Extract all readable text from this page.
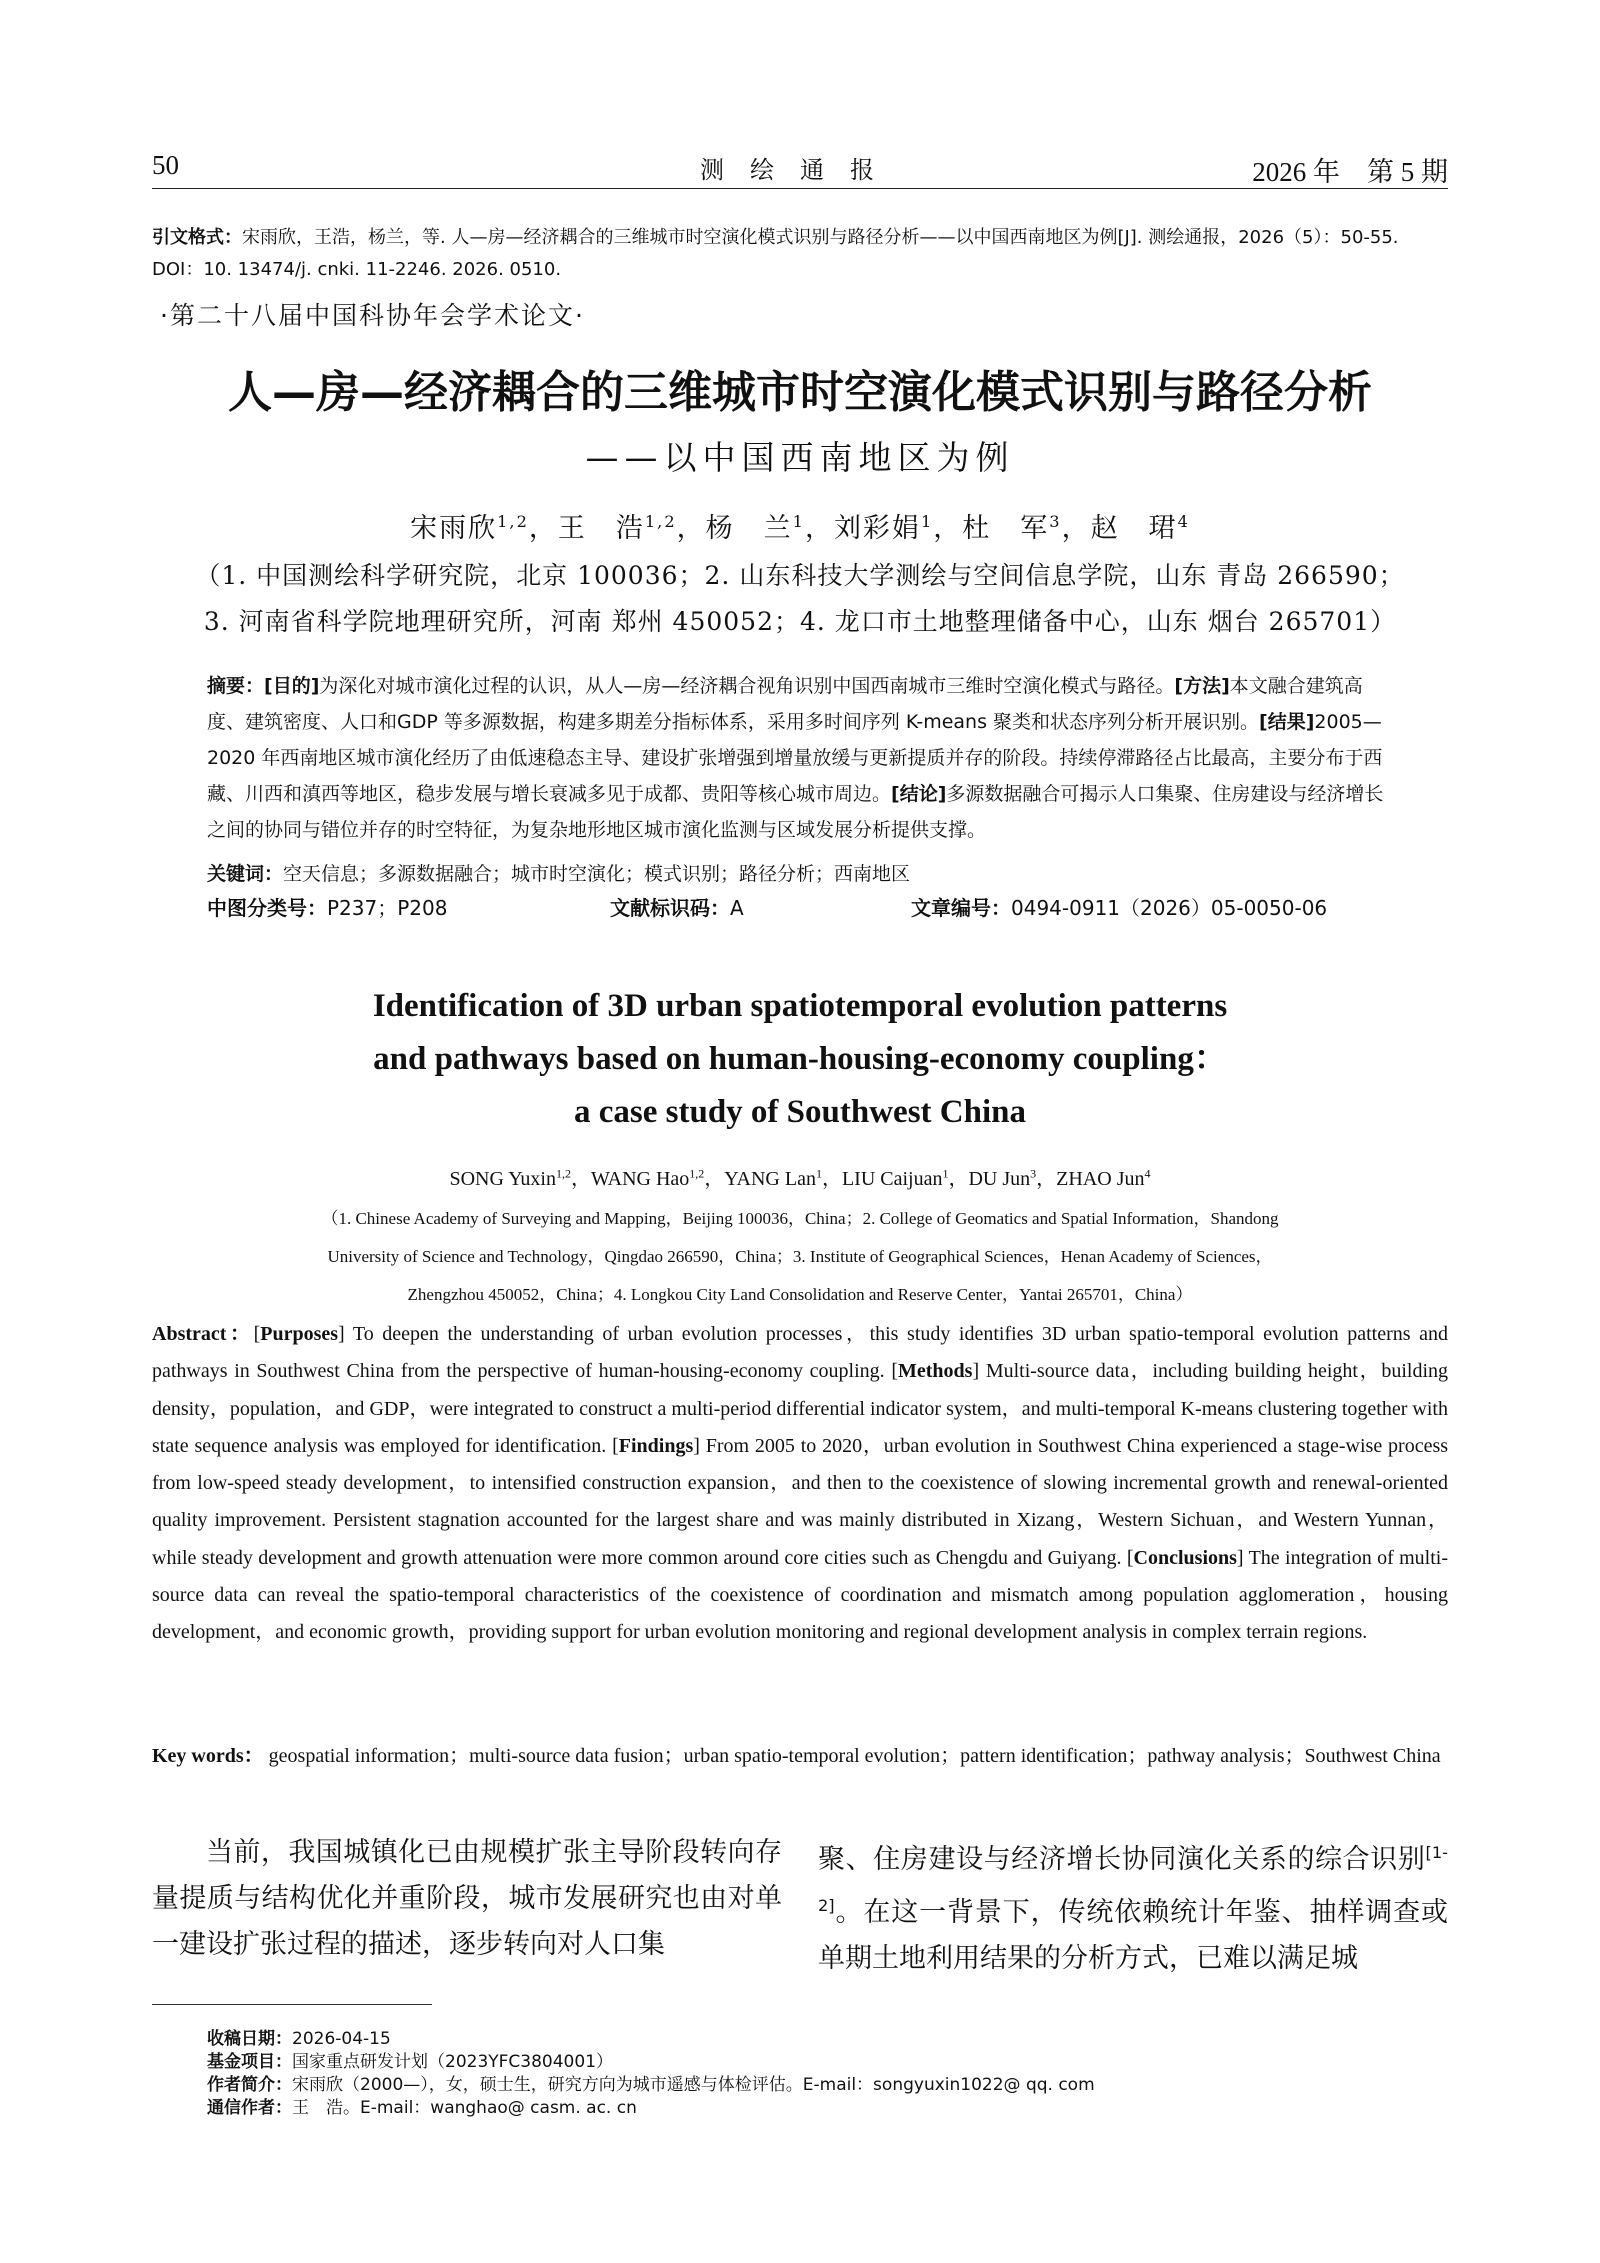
50	测绘通报	2026 年　第 5 期
引文格式：宋雨欣，王浩，杨兰，等. 人—房—经济耦合的三维城市时空演化模式识别与路径分析——以中国西南地区为例[J]. 测绘通报，2026（5）：50-55. DOI：10. 13474/j. cnki. 11-2246. 2026. 0510.
·第二十八届中国科协年会学术论文·
人—房—经济耦合的三维城市时空演化模式识别与路径分析
——以中国西南地区为例
宋雨欣$^{1,2}$，王　浩$^{1,2}$，杨　兰$^1$，刘彩娟$^1$，杜　军$^3$，赵　珺$^4$
（1. 中国测绘科学研究院，北京 100036；2. 山东科技大学测绘与空间信息学院，山东 青岛 266590；
3. 河南省科学院地理研究所，河南 郑州 450052；4. 龙口市土地整理储备中心，山东 烟台 265701）
摘要：[目的]为深化对城市演化过程的认识，从人—房—经济耦合视角识别中国西南城市三维时空演化模式与路径。[方法]本文融合建筑高度、建筑密度、人口和GDP 等多源数据，构建多期差分指标体系，采用多时间序列 K-means 聚类和状态序列分析开展识别。[结果]2005—2020 年西南地区城市演化经历了由低速稳态主导、建设扩张增强到增量放缓与更新提质并存的阶段。持续停滞路径占比最高，主要分布于西藏、川西和滇西等地区，稳步发展与增长衰减多见于成都、贵阳等核心城市周边。[结论]多源数据融合可揭示人口集聚、住房建设与经济增长之间的协同与错位并存的时空特征，为复杂地形地区城市演化监测与区域发展分析提供支撑。
关键词：空天信息；多源数据融合；城市时空演化；模式识别；路径分析；西南地区
中图分类号：P237；P208	文献标识码：A	文章编号：0494-0911（2026）05-0050-06
Identification of 3D urban spatiotemporal evolution patterns
and pathways based on human-housing-economy coupling：
a case study of Southwest China
SONG Yuxin$^{1,2}$，WANG Hao$^{1,2}$，YANG Lan$^1$，LIU Caijuan$^1$，DU Jun$^3$，ZHAO Jun$^4$
（1. Chinese Academy of Surveying and Mapping，Beijing 100036，China；2. College of Geomatics and Spatial Information，Shandong
University of Science and Technology，Qingdao 266590，China；3. Institute of Geographical Sciences，Henan Academy of Sciences，
Zhengzhou 450052，China；4. Longkou City Land Consolidation and Reserve Center，Yantai 265701，China）
Abstract：[Purposes] To deepen the understanding of urban evolution processes，this study identifies 3D urban spatio-temporal evolution patterns and pathways in Southwest China from the perspective of human-housing-economy coupling. [Methods] Multi-source data，including building height，building density，population，and GDP，were integrated to construct a multi-period differential indicator system，and multi-temporal K-means clustering together with state sequence analysis was employed for identification. [Findings] From 2005 to 2020，urban evolution in Southwest China experienced a stage-wise process from low-speed steady development，to intensified construction expansion，and then to the coexistence of slowing incremental growth and renewal-oriented quality improvement. Persistent stagnation accounted for the largest share and was mainly distributed in Xizang，Western Sichuan，and Western Yunnan，while steady development and growth attenuation were more common around core cities such as Chengdu and Guiyang. [Conclusions] The integration of multi-source data can reveal the spatio-temporal characteristics of the coexistence of coordination and mismatch among population agglomeration，housing development，and economic growth，providing support for urban evolution monitoring and regional development analysis in complex terrain regions.
Key words： geospatial information；multi-source data fusion；urban spatio-temporal evolution；pattern identification；pathway analysis；Southwest China
当前，我国城镇化已由规模扩张主导阶段转向存量提质与结构优化并重阶段，城市发展研究也由对单一建设扩张过程的描述，逐步转向对人口集
聚、住房建设与经济增长协同演化关系的综合识别[1-2]。在这一背景下，传统依赖统计年鉴、抽样调查或单期土地利用结果的分析方式，已难以满足城
收稿日期：2026-04-15
基金项目：国家重点研发计划（2023YFC3804001）
作者简介：宋雨欣（2000—），女，硕士生，研究方向为城市遥感与体检评估。E-mail：songyuxin1022@ qq. com
通信作者：王　浩。E-mail：wanghao@ casm. ac. cn
